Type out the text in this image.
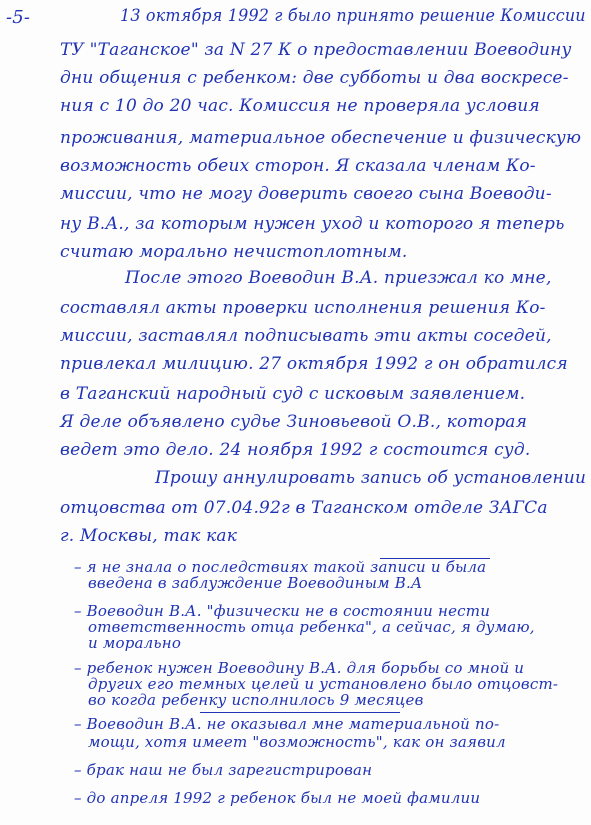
-5-	13 октября 1992 г было принято решение Комиссии
ТУ "Таганское" за N 27 К о предоставлении Воеводину
дни общения с ребенком: две субботы и два воскресе-
ния с 10 до 20 час. Комиссия не проверяла условия
проживания, материальное обеспечение и физическую
возможность обеих сторон. Я сказала членам Ко-
миссии, что не могу доверить своего сына Воеводи-
ну В.А., за которым нужен уход и которого я теперь
считаю морально нечистоплотным.
После этого Воеводин В.А. приезжал ко мне,
составлял акты проверки исполнения решения Ко-
миссии, заставлял подписывать эти акты соседей,
привлекал милицию. 27 октября 1992 г он обратился
в Таганский народный суд с исковым заявлением.
Я деле объявлено судье Зиновьевой О.В., которая
ведет это дело. 24 ноября 1992 г состоится суд.
Прошу аннулировать запись об установлении
отцовства от 07.04.92г в Таганском отделе ЗАГСа
г. Москвы, так как
– я не знала о последствиях такой записи и была
введена в заблуждение Воеводиным В.А
– Воеводин В.А. "физически не в состоянии нести
ответственность отца ребенка", а сейчас, я думаю,
и морально
– ребенок нужен Воеводину В.А. для борьбы со мной и
других его темных целей и установлено было отцовст-
во когда ребенку исполнилось 9 месяцев
– Воеводин В.А. не оказывал мне материальной по-
мощи, хотя имеет "возможность", как он заявил
– брак наш не был зарегистрирован
– до апреля 1992 г ребенок был не моей фамилии
